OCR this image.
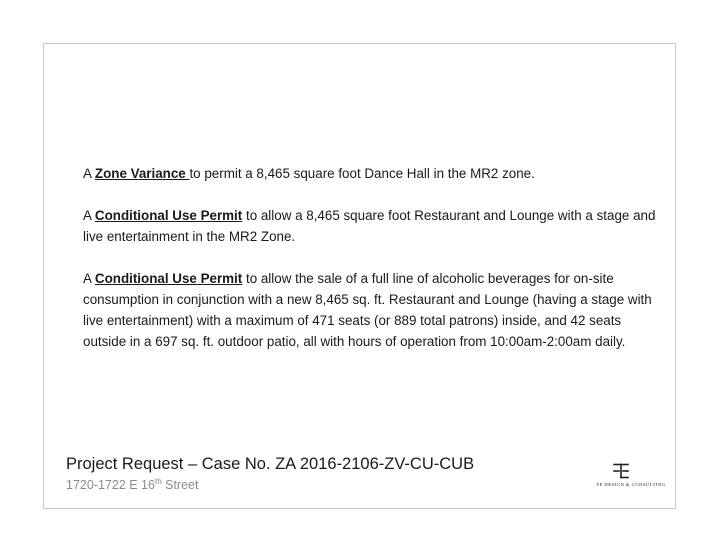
A Zone Variance to permit a 8,465 square foot Dance Hall in the MR2 zone.

A Conditional Use Permit to allow a 8,465 square foot Restaurant and Lounge with a stage and live entertainment in the MR2 Zone.

A Conditional Use Permit to allow the sale of a full line of alcoholic beverages for on-site consumption in conjunction with a new 8,465 sq. ft. Restaurant and Lounge (having a stage with live entertainment) with a maximum of 471 seats (or 889 total patrons) inside, and 42 seats outside in a 697 sq. ft. outdoor patio, all with hours of operation from 10:00am-2:00am daily.

Project Request – Case No. ZA 2016-2106-ZV-CU-CUB
1720-1722 E 16th Street	FE DESIGN & CONSULTING
